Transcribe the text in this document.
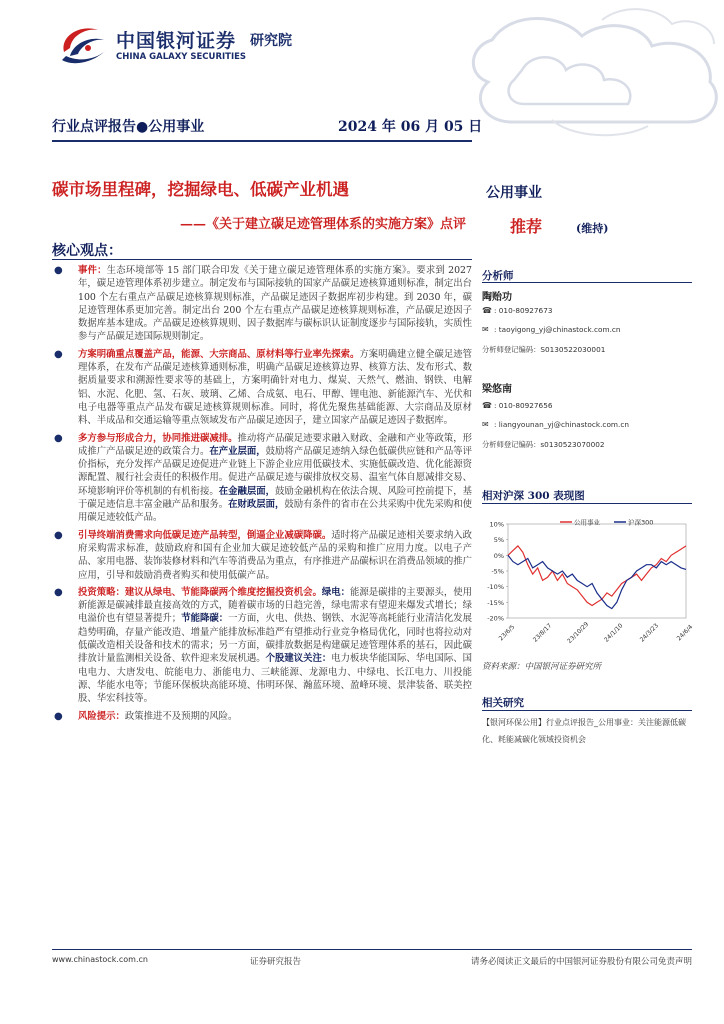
中国银河证券
CHINA GALAXY SECURITIES
研究院
行业点评报告●公用事业	2024 年 06 月 05 日
碳市场里程碑，挖掘绿电、低碳产业机遇
——《关于建立碳足迹管理体系的实施方案》点评
核心观点：
● 事件：生态环境部等 15 部门联合印发《关于建立碳足迹管理体系的实施方案》。要求到 2027 年，碳足迹管理体系初步建立。制定发布与国际接轨的国家产品碳足迹核算通则标准，制定出台 100 个左右重点产品碳足迹核算规则标准，产品碳足迹因子数据库初步构建。到 2030 年，碳足迹管理体系更加完善。制定出台 200 个左右重点产品碳足迹核算规则标准，产品碳足迹因子数据库基本建成。产品碳足迹核算规则、因子数据库与碳标识认证制度逐步与国际接轨，实质性参与产品碳足迹国际规则制定。
● 方案明确重点覆盖产品，能源、大宗商品、原材料等行业率先探索。方案明确建立健全碳足迹管理体系，在发布产品碳足迹核算通则标准，明确产品碳足迹核算边界、核算方法、发布形式、数据质量要求和溯源性要求等的基础上，方案明确针对电力、煤炭、天然气、燃油、钢铁、电解铝、水泥、化肥、氢、石灰、玻璃、乙烯、合成氨、电石、甲醇、锂电池、新能源汽车、光伏和电子电器等重点产品发布碳足迹核算规则标准。同时，将优先聚焦基础能源、大宗商品及原材料、半成品和交通运输等重点领域发布产品碳足迹因子，建立国家产品碳足迹因子数据库。
● 多方参与形成合力，协同推进碳减排。推动将产品碳足迹要求融入财政、金融和产业等政策，形成推广产品碳足迹的政策合力。在产业层面，鼓励将产品碳足迹纳入绿色低碳供应链和产品等评价指标，充分发挥产品碳足迹促进产业链上下游企业应用低碳技术、实施低碳改造、优化能源资源配置、履行社会责任的积极作用。促进产品碳足迹与碳排放权交易、温室气体自愿减排交易、环境影响评价等机制的有机衔接。在金融层面，鼓励金融机构在依法合规、风险可控前提下，基于碳足迹信息丰富金融产品和服务。在财政层面，鼓励有条件的省市在公共采购中优先采购和使用碳足迹较低产品。
● 引导终端消费需求向低碳足迹产品转型，倒逼企业减碳降碳。适时将产品碳足迹相关要求纳入政府采购需求标准，鼓励政府和国有企业加大碳足迹较低产品的采购和推广应用力度。以电子产品、家用电器、装饰装修材料和汽车等消费品为重点，有序推进产品碳标识在消费品领域的推广应用，引导和鼓励消费者购买和使用低碳产品。
● 投资策略：建议从绿电、节能降碳两个维度挖掘投资机会。绿电：能源是碳排的主要源头，使用新能源是碳减排最直接高效的方式，随着碳市场的日趋完善，绿电需求有望迎来爆发式增长；绿电溢价也有望显著提升；节能降碳：一方面，火电、供热、钢铁、水泥等高耗能行业清洁化发展趋势明确，存量产能改造、增量产能排放标准趋严有望推动行业竞争格局优化，同时也将拉动对低碳改造相关设备和技术的需求；另一方面，碳排放数据是构建碳足迹管理体系的基石，因此碳排放计量监测相关设备、软件迎来发展机遇。个股建议关注：电力板块华能国际、华电国际、国电电力、大唐发电、皖能电力、浙能电力、三峡能源、龙源电力、中绿电、长江电力、川投能源、华能水电等；节能环保板块高能环境、伟明环保、瀚蓝环境、盈峰环境、景津装备、联美控股、华宏科技等。
● 风险提示：政策推进不及预期的风险。
公用事业
推荐	(维持)
分析师
陶贻功
☎ : 010-80927673
✉ : taoyigong_yj@chinastock.com.cn
分析师登记编码：S0130522030001
梁悠南
☎ : 010-80927656
✉ : liangyounan_yj@chinastock.com.cn
分析师登记编码：s0130523070002
相对沪深 300 表现图
10%
5%
0%
-5%
-10%
-15%
-20%
23/6/5	23/8/17 23/10/29 24/1/10 24/3/23	24/6/4
公用事业	沪深300
资料来源：中国银河证券研究所
相关研究
【银河环保公用】行业点评报告_公用事业：关注能源低碳化、耗能减碳化领域投资机会
www.chinastock.com.cn	证券研究报告	请务必阅读正文最后的中国银河证券股份有限公司免责声明
